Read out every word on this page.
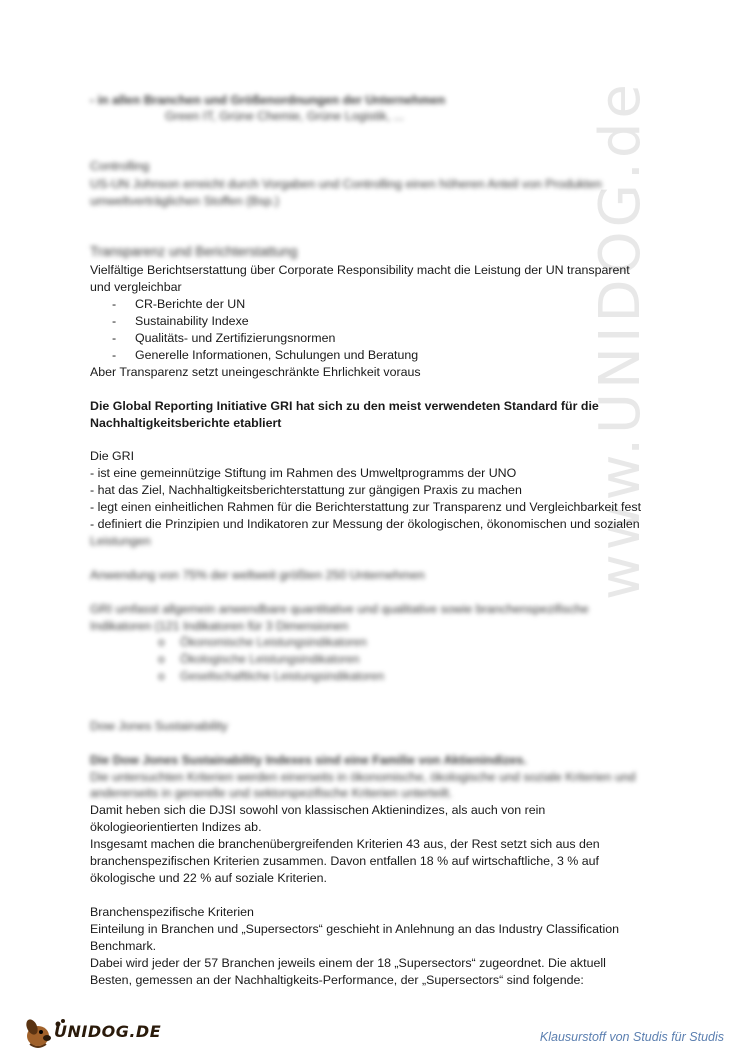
www.UNIDOG.de
- in allen Branchen und Größenordnungen der Unternehmen
Green IT, Grüne Chemie, Grüne Logistik, ...
Controlling
US-UN Johnson erreicht durch Vorgaben und Controlling einen höheren Anteil von Produkten
umweltverträglichen Stoffen (Bsp.)
Transparenz und Berichterstattung
Vielfältige Berichtserstattung über Corporate Responsibility macht die Leistung der UN transparent
und vergleichbar
- CR-Berichte der UN
- Sustainability Indexe
- Qualitäts- und Zertifizierungsnormen
- Generelle Informationen, Schulungen und Beratung
Aber Transparenz setzt uneingeschränkte Ehrlichkeit voraus
Die Global Reporting Initiative GRI hat sich zu den meist verwendeten Standard für die
Nachhaltigkeitsberichte etabliert
Die GRI
- ist eine gemeinnützige Stiftung im Rahmen des Umweltprogramms der UNO
- hat das Ziel, Nachhaltigkeitsberichterstattung zur gängigen Praxis zu machen
- legt einen einheitlichen Rahmen für die Berichterstattung zur Transparenz und Vergleichbarkeit fest
- definiert die Prinzipien und Indikatoren zur Messung der ökologischen, ökonomischen und sozialen
Leistungen
Anwendung von 75% der weltweit größten 250 Unternehmen
GRI umfasst allgemein anwendbare quantitative und qualitative sowie branchenspezifische
Indikatoren (121 Indikatoren für 3 Dimensionen
o Ökonomische Leistungsindikatoren
o Ökologische Leistungsindikatoren
o Gesellschaftliche Leistungsindikatoren
Dow Jones Sustainability
Die Dow Jones Sustainability Indexes sind eine Familie von Aktienindizes.
Die untersuchten Kriterien werden einerseits in ökonomische, ökologische und soziale Kriterien und
andererseits in generelle und sektorspezifische Kriterien unterteilt.
Damit heben sich die DJSI sowohl von klassischen Aktienindizes, als auch von rein
ökologieorientierten Indizes ab.
Insgesamt machen die branchenübergreifenden Kriterien 43 aus, der Rest setzt sich aus den
branchenspezifischen Kriterien zusammen. Davon entfallen 18 % auf wirtschaftliche, 3 % auf
ökologische und 22 % auf soziale Kriterien.
Branchenspezifische Kriterien
Einteilung in Branchen und „Supersectors“ geschieht in Anlehnung an das Industry Classification
Benchmark.
Dabei wird jeder der 57 Branchen jeweils einem der 18 „Supersectors“ zugeordnet. Die aktuell
Besten, gemessen an der Nachhaltigkeits-Performance, der „Supersectors“ sind folgende:
UNIDOG.DE	Klausurstoff von Studis für Studis
